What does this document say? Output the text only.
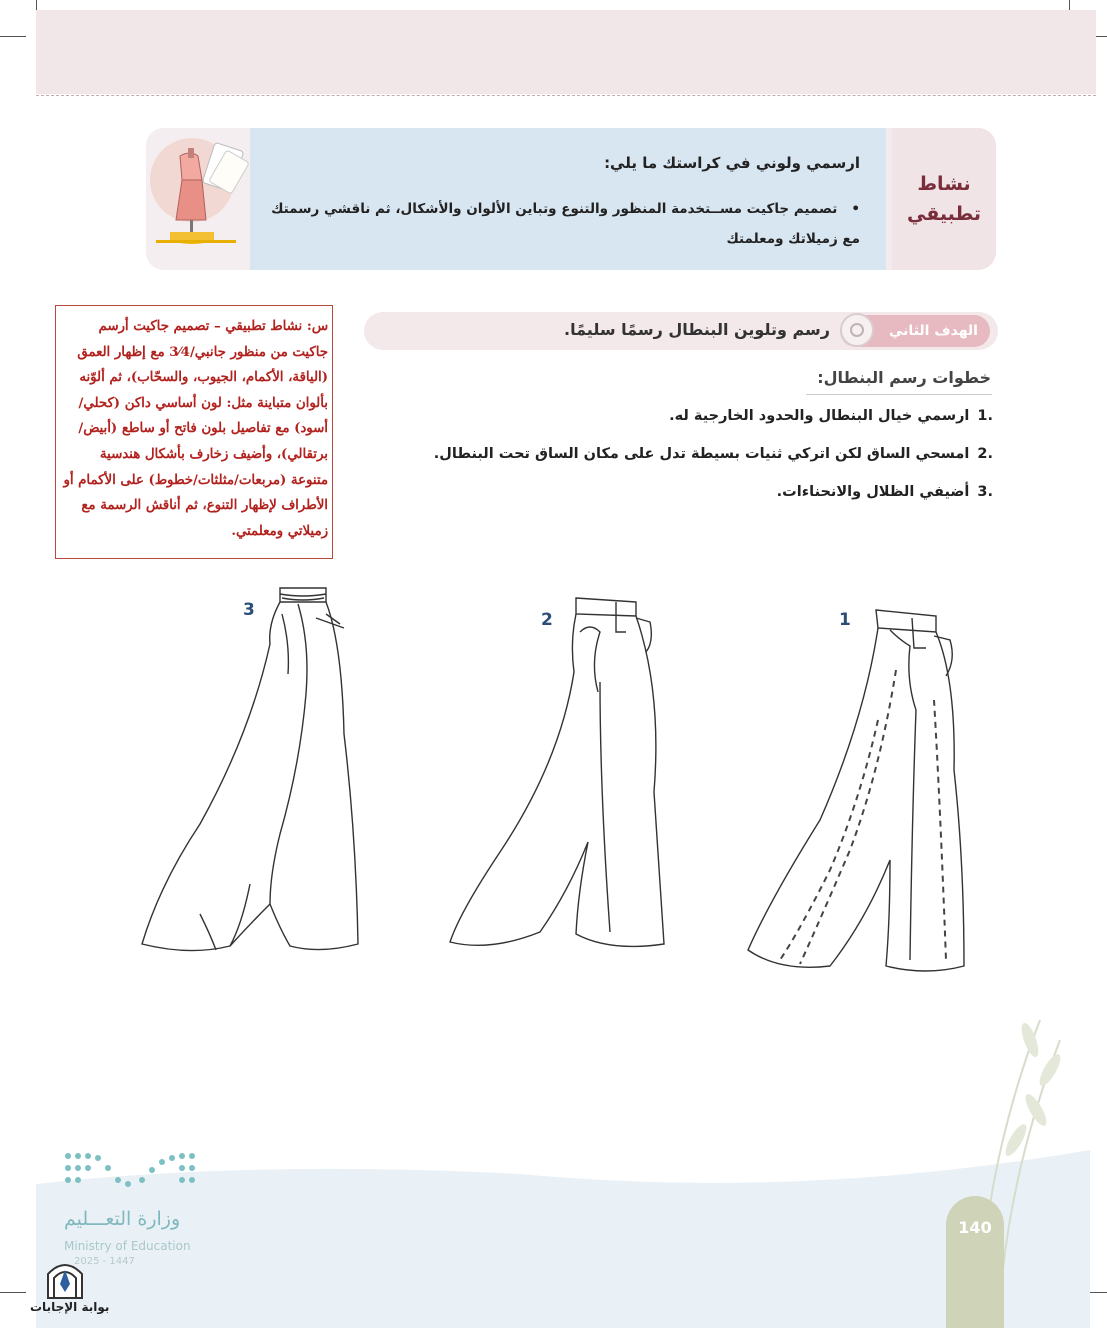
ارسمي ولوني في كراستك ما يلي:
•
تصميم جاكيت مســتخدمة المنظور والتنوع وتباين الألوان والأشكال، ثم ناقشي رسمتك مع زميلاتك ومعلمتك
نشاط
تطبيقي
س: نشاط تطبيقي – تصميم جاكيت أرسم جاكيت من منظور جانبي/3⁄4 مع إظهار العمق (الياقة، الأكمام، الجيوب، والسحّاب)، ثم ألوّنه بألوان متباينة مثل: لون أساسي داكن (كحلي/أسود) مع تفاصيل بلون فاتح أو ساطع (أبيض/برتقالي)، وأضيف زخارف بأشكال هندسية متنوعة (مربعات/مثلثات/خطوط) على الأكمام أو الأطراف لإظهار التنوع، ثم أناقش الرسمة مع زميلاتي ومعلمتي.
الهدف الثاني
رسم وتلوين البنطال رسمًا سليمًا.
خطوات رسم البنطال:
.1ارسمي خيال البنطال والحدود الخارجية له.
.2امسحي الساق لكن اتركي ثنيات بسيطة تدل على مكان الساق تحت البنطال.
.3أضيفي الظلال والانحناءات.
3	2	1
وزارة التعـــليم
Ministry of Education
2025 - 1447
بوابة الإجابات
140
